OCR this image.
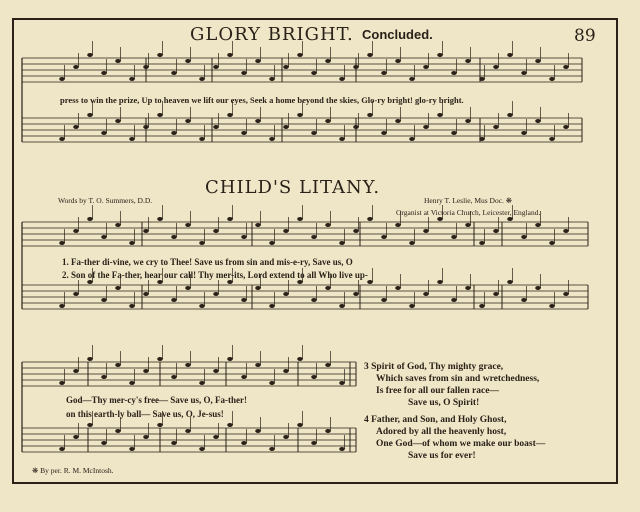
GLORY BRIGHT. Concluded.	89
press to win the prize, Up to heaven we lift our eyes, Seek a home beyond the skies, Glo-ry bright! glo-ry bright.
CHILD'S LITANY.
Words by T. O. Summers, D.D.	Henry T. Leslie, Mus Doc. ❋
Organist at Victoria Church, Leicester, England.
1. Fa-ther di-vine, we cry to Thee! Save us from sin and mis-e-ry, Save us, O
2. Son of the Fa-ther, hear our call! Thy mer-its, Lord extend to all Who live up-
God—Thy mer-cy's free— Save us, O, Fa-ther!
on this earth-ly ball— Save us, O, Je-sus!
3 Spirit of God, Thy mighty grace,
Which saves from sin and wretchedness,
Is free for all our fallen race—
Save us, O Spirit!
4 Father, and Son, and Holy Ghost,
Adored by all the heavenly host,
One God—of whom we make our boast—
Save us for ever!
❋ By per. R. M. McIntosh.
